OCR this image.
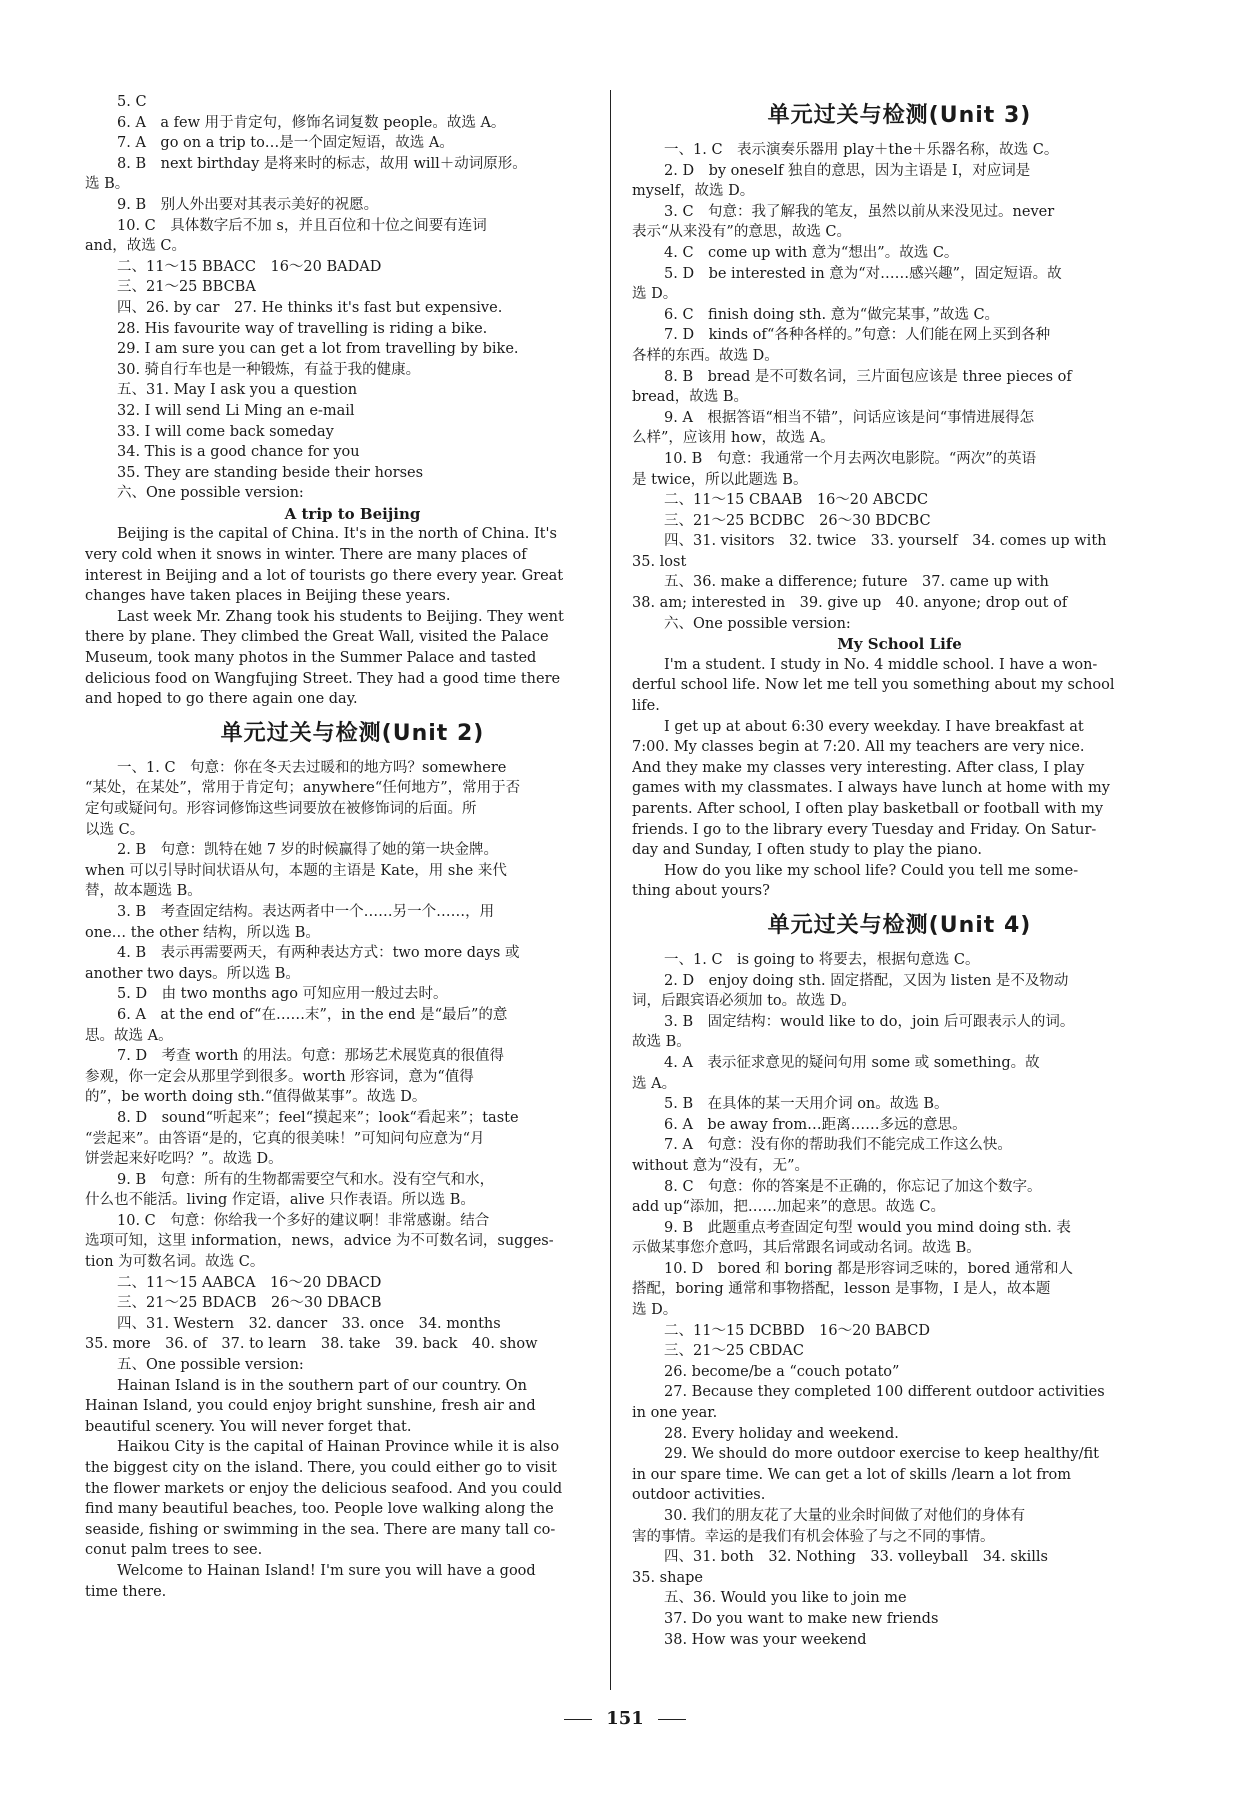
5. C
6. A　a few 用于肯定句，修饰名词复数 people。故选 A。
7. A　go on a trip to…是一个固定短语，故选 A。
8. B　next birthday 是将来时的标志，故用 will＋动词原形。
选 B。
9. B　别人外出要对其表示美好的祝愿。
10. C　具体数字后不加 s，并且百位和十位之间要有连词
and，故选 C。
二、11～15 BBACC　16～20 BADAD
三、21～25 BBCBA
四、26. by car　27. He thinks it's fast but expensive.
28. His favourite way of travelling is riding a bike.
29. I am sure you can get a lot from travelling by bike.
30. 骑自行车也是一种锻炼，有益于我的健康。
五、31. May I ask you a question
32. I will send Li Ming an e-mail
33. I will come back someday
34. This is a good chance for you
35. They are standing beside their horses
六、One possible version:
A trip to Beijing
Beijing is the capital of China. It's in the north of China. It's
very cold when it snows in winter. There are many places of
interest in Beijing and a lot of tourists go there every year. Great
changes have taken places in Beijing these years.
Last week Mr. Zhang took his students to Beijing. They went
there by plane. They climbed the Great Wall, visited the Palace
Museum, took many photos in the Summer Palace and tasted
delicious food on Wangfujing Street. They had a good time there
and hoped to go there again one day.
单元过关与检测(Unit 2)
一、1. C　句意：你在冬天去过暖和的地方吗？somewhere
“某处，在某处”，常用于肯定句；anywhere“任何地方”，常用于否
定句或疑问句。形容词修饰这些词要放在被修饰词的后面。所
以选 C。
2. B　句意：凯特在她 7 岁的时候赢得了她的第一块金牌。
when 可以引导时间状语从句，本题的主语是 Kate，用 she 来代
替，故本题选 B。
3. B　考查固定结构。表达两者中一个……另一个……，用
one… the other 结构，所以选 B。
4. B　表示再需要两天，有两种表达方式：two more days 或
another two days。所以选 B。
5. D　由 two months ago 可知应用一般过去时。
6. A　at the end of“在……末”，in the end 是“最后”的意
思。故选 A。
7. D　考查 worth 的用法。句意：那场艺术展览真的很值得
参观，你一定会从那里学到很多。worth 形容词，意为“值得
的”，be worth doing sth.“值得做某事”。故选 D。
8. D　sound“听起来”；feel“摸起来”；look“看起来”；taste
“尝起来”。由答语“是的，它真的很美味！”可知问句应意为“月
饼尝起来好吃吗？”。故选 D。
9. B　句意：所有的生物都需要空气和水。没有空气和水，
什么也不能活。living 作定语，alive 只作表语。所以选 B。
10. C　句意：你给我一个多好的建议啊！非常感谢。结合
选项可知，这里 information，news，advice 为不可数名词，sugges-
tion 为可数名词。故选 C。
二、11～15 AABCA　16～20 DBACD
三、21～25 BDACB　26～30 DBACB
四、31. Western　32. dancer　33. once　34. months
35. more　36. of　37. to learn　38. take　39. back　40. show
五、One possible version:
Hainan Island is in the southern part of our country. On
Hainan Island, you could enjoy bright sunshine, fresh air and
beautiful scenery. You will never forget that.
Haikou City is the capital of Hainan Province while it is also
the biggest city on the island. There, you could either go to visit
the flower markets or enjoy the delicious seafood. And you could
find many beautiful beaches, too. People love walking along the
seaside, fishing or swimming in the sea. There are many tall co-
conut palm trees to see.
Welcome to Hainan Island! I'm sure you will have a good
time there.
单元过关与检测(Unit 3)
一、1. C　表示演奏乐器用 play＋the＋乐器名称，故选 C。
2. D　by oneself 独自的意思，因为主语是 I，对应词是
myself，故选 D。
3. C　句意：我了解我的笔友，虽然以前从来没见过。never
表示“从来没有”的意思，故选 C。
4. C　come up with 意为“想出”。故选 C。
5. D　be interested in 意为“对……感兴趣”，固定短语。故
选 D。
6. C　finish doing sth. 意为“做完某事，”故选 C。
7. D　kinds of“各种各样的。”句意：人们能在网上买到各种
各样的东西。故选 D。
8. B　bread 是不可数名词，三片面包应该是 three pieces of
bread，故选 B。
9. A　根据答语“相当不错”，问话应该是问“事情进展得怎
么样”，应该用 how，故选 A。
10. B　句意：我通常一个月去两次电影院。“两次”的英语
是 twice，所以此题选 B。
二、11～15 CBAAB　16～20 ABCDC
三、21～25 BCDBC　26～30 BDCBC
四、31. visitors　32. twice　33. yourself　34. comes up with
35. lost
五、36. make a difference; future　37. came up with
38. am; interested in　39. give up　40. anyone; drop out of
六、One possible version:
My School Life
I'm a student. I study in No. 4 middle school. I have a won-
derful school life. Now let me tell you something about my school
life.
I get up at about 6:30 every weekday. I have breakfast at
7:00. My classes begin at 7:20. All my teachers are very nice.
And they make my classes very interesting. After class, I play
games with my classmates. I always have lunch at home with my
parents. After school, I often play basketball or football with my
friends. I go to the library every Tuesday and Friday. On Satur-
day and Sunday, I often study to play the piano.
How do you like my school life? Could you tell me some-
thing about yours?
单元过关与检测(Unit 4)
一、1. C　is going to 将要去，根据句意选 C。
2. D　enjoy doing sth. 固定搭配，又因为 listen 是不及物动
词，后跟宾语必须加 to。故选 D。
3. B　固定结构：would like to do，join 后可跟表示人的词。
故选 B。
4. A　表示征求意见的疑问句用 some 或 something。故
选 A。
5. B　在具体的某一天用介词 on。故选 B。
6. A　be away from…距离……多远的意思。
7. A　句意：没有你的帮助我们不能完成工作这么快。
without 意为“没有，无”。
8. C　句意：你的答案是不正确的，你忘记了加这个数字。
add up“添加，把……加起来”的意思。故选 C。
9. B　此题重点考查固定句型 would you mind doing sth. 表
示做某事您介意吗，其后常跟名词或动名词。故选 B。
10. D　bored 和 boring 都是形容词乏味的，bored 通常和人
搭配，boring 通常和事物搭配，lesson 是事物，I 是人，故本题
选 D。
二、11～15 DCBBD　16～20 BABCD
三、21～25 CBDAC
26. become/be a “couch potato”
27. Because they completed 100 different outdoor activities
in one year.
28. Every holiday and weekend.
29. We should do more outdoor exercise to keep healthy/fit
in our spare time. We can get a lot of skills /learn a lot from
outdoor activities.
30. 我们的朋友花了大量的业余时间做了对他们的身体有
害的事情。幸运的是我们有机会体验了与之不同的事情。
四、31. both　32. Nothing　33. volleyball　34. skills
35. shape
五、36. Would you like to join me
37. Do you want to make new friends
38. How was your weekend
151
